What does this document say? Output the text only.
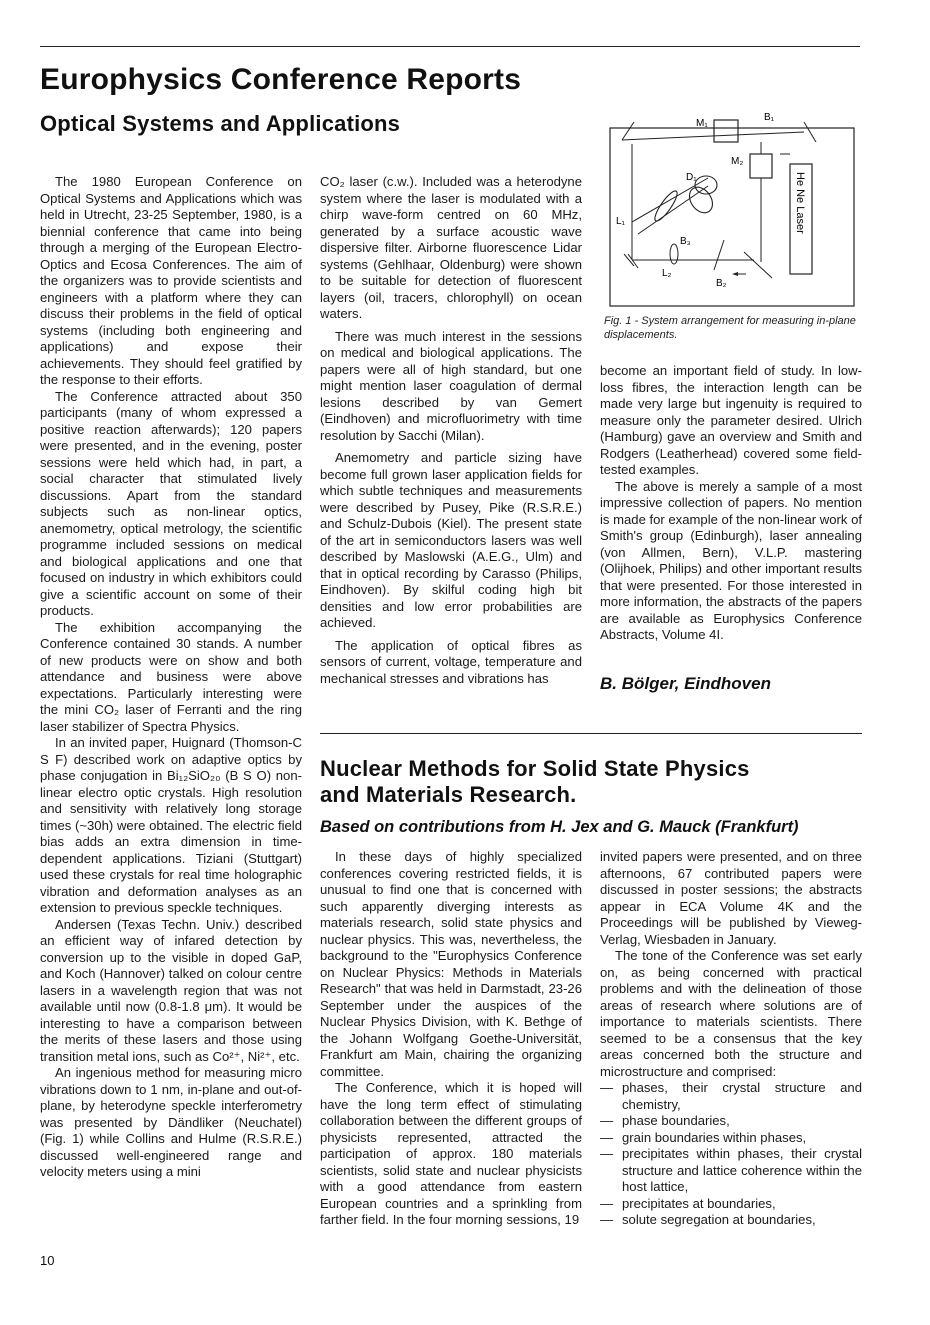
Europhysics Conference Reports
Optical Systems and Applications

The 1980 European Conference on Optical Systems and Applications which was held in Utrecht, 23-25 September, 1980, is a biennial conference that came into being through a merging of the European Electro-Optics and Ecosa Conferences. The aim of the organizers was to provide scientists and engineers with a platform where they can discuss their problems in the field of optical systems (including both engineering and applications) and expose their achievements. They should feel gratified by the response to their efforts.

The Conference attracted about 350 participants (many of whom expressed a positive reaction afterwards); 120 papers were presented, and in the evening, poster sessions were held which had, in part, a social character that stimulated lively discussions. Apart from the standard subjects such as non-linear optics, anemometry, optical metrology, the scientific programme included sessions on medical and biological applications and one that focused on industry in which exhibitors could give a scientific account on some of their products.

The exhibition accompanying the Conference contained 30 stands. A number of new products were on show and both attendance and business were above expectations. Particularly interesting were the mini CO₂ laser of Ferranti and the ring laser stabilizer of Spectra Physics.

In an invited paper, Huignard (Thomson-C S F) described work on adaptive optics by phase conjugation in Bi₁₂SiO₂₀ (B S O) non-linear electro optic crystals. High resolution and sensitivity with relatively long storage times (~30h) were obtained. The electric field bias adds an extra dimension in time-dependent applications. Tiziani (Stuttgart) used these crystals for real time holographic vibration and deformation analyses as an extension to previous speckle techniques.

Andersen (Texas Techn. Univ.) described an efficient way of infared detection by conversion up to the visible in doped GaP, and Koch (Hannover) talked on colour centre lasers in a wavelength region that was not available until now (0.8-1.8 μm). It would be interesting to have a comparison between the merits of these lasers and those using transition metal ions, such as Co²⁺, Ni²⁺, etc.

An ingenious method for measuring micro vibrations down to 1 nm, in-plane and out-of-plane, by heterodyne speckle interferometry was presented by Dändliker (Neuchatel) (Fig. 1) while Collins and Hulme (R.S.R.E.) discussed well-engineered range and velocity meters using a mini

CO₂ laser (c.w.). Included was a heterodyne system where the laser is modulated with a chirp wave-form centred on 60 MHz, generated by a surface acoustic wave dispersive filter. Airborne fluorescence Lidar systems (Gehlhaar, Oldenburg) were shown to be suitable for detection of fluorescent layers (oil, tracers, chlorophyll) on ocean waters.

There was much interest in the sessions on medical and biological applications. The papers were all of high standard, but one might mention laser coagulation of dermal lesions described by van Gemert (Eindhoven) and microfluorimetry with time resolution by Sacchi (Milan).

Anemometry and particle sizing have become full grown laser application fields for which subtle techniques and measurements were described by Pusey, Pike (R.S.R.E.) and Schulz-Dubois (Kiel). The present state of the art in semiconductors lasers was well described by Maslowski (A.E.G., Ulm) and that in optical recording by Carasso (Philips, Eindhoven). By skilful coding high bit densities and low error probabilities are achieved.

The application of optical fibres as sensors of current, voltage, temperature and mechanical stresses and vibrations has

M₁
B₁
M₂
D₁
L₁
B₃
L₂
B₂
He Ne Laser
Fig. 1 - System arrangement for measuring in-plane displacements.

become an important field of study. In low-loss fibres, the interaction length can be made very large but ingenuity is required to measure only the parameter desired. Ulrich (Hamburg) gave an overview and Smith and Rodgers (Leatherhead) covered some field-tested examples.

The above is merely a sample of a most impressive collection of papers. No mention is made for example of the non-linear work of Smith's group (Edinburgh), laser annealing (von Allmen, Bern), V.L.P. mastering (Olijhoek, Philips) and other important results that were presented. For those interested in more information, the abstracts of the papers are available as Europhysics Conference Abstracts, Volume 4I.

B. Bölger, Eindhoven
Nuclear Methods for Solid State Physics
and Materials Research.
Based on contributions from H. Jex and G. Mauck (Frankfurt)

In these days of highly specialized conferences covering restricted fields, it is unusual to find one that is concerned with such apparently diverging interests as materials research, solid state physics and nuclear physics. This was, nevertheless, the background to the "Europhysics Conference on Nuclear Physics: Methods in Materials Research" that was held in Darmstadt, 23-26 September under the auspices of the Nuclear Physics Division, with K. Bethge of the Johann Wolfgang Goethe-Universität, Frankfurt am Main, chairing the organizing committee.

The Conference, which it is hoped will have the long term effect of stimulating collaboration between the different groups of physicists represented, attracted the participation of approx. 180 materials scientists, solid state and nuclear physicists with a good attendance from eastern European countries and a sprinkling from farther field. In the four morning sessions, 19

invited papers were presented, and on three afternoons, 67 contributed papers were discussed in poster sessions; the abstracts appear in ECA Volume 4K and the Proceedings will be published by Vieweg-Verlag, Wiesbaden in January.

The tone of the Conference was set early on, as being concerned with practical problems and with the delineation of those areas of research where solutions are of importance to materials scientists. There seemed to be a consensus that the key areas concerned both the structure and microstructure and comprised:

— phases, their crystal structure and chemistry,
— phase boundaries,
— grain boundaries within phases,
— precipitates within phases, their crystal structure and lattice coherence within the host lattice,
— precipitates at boundaries,
— solute segregation at boundaries,
10
